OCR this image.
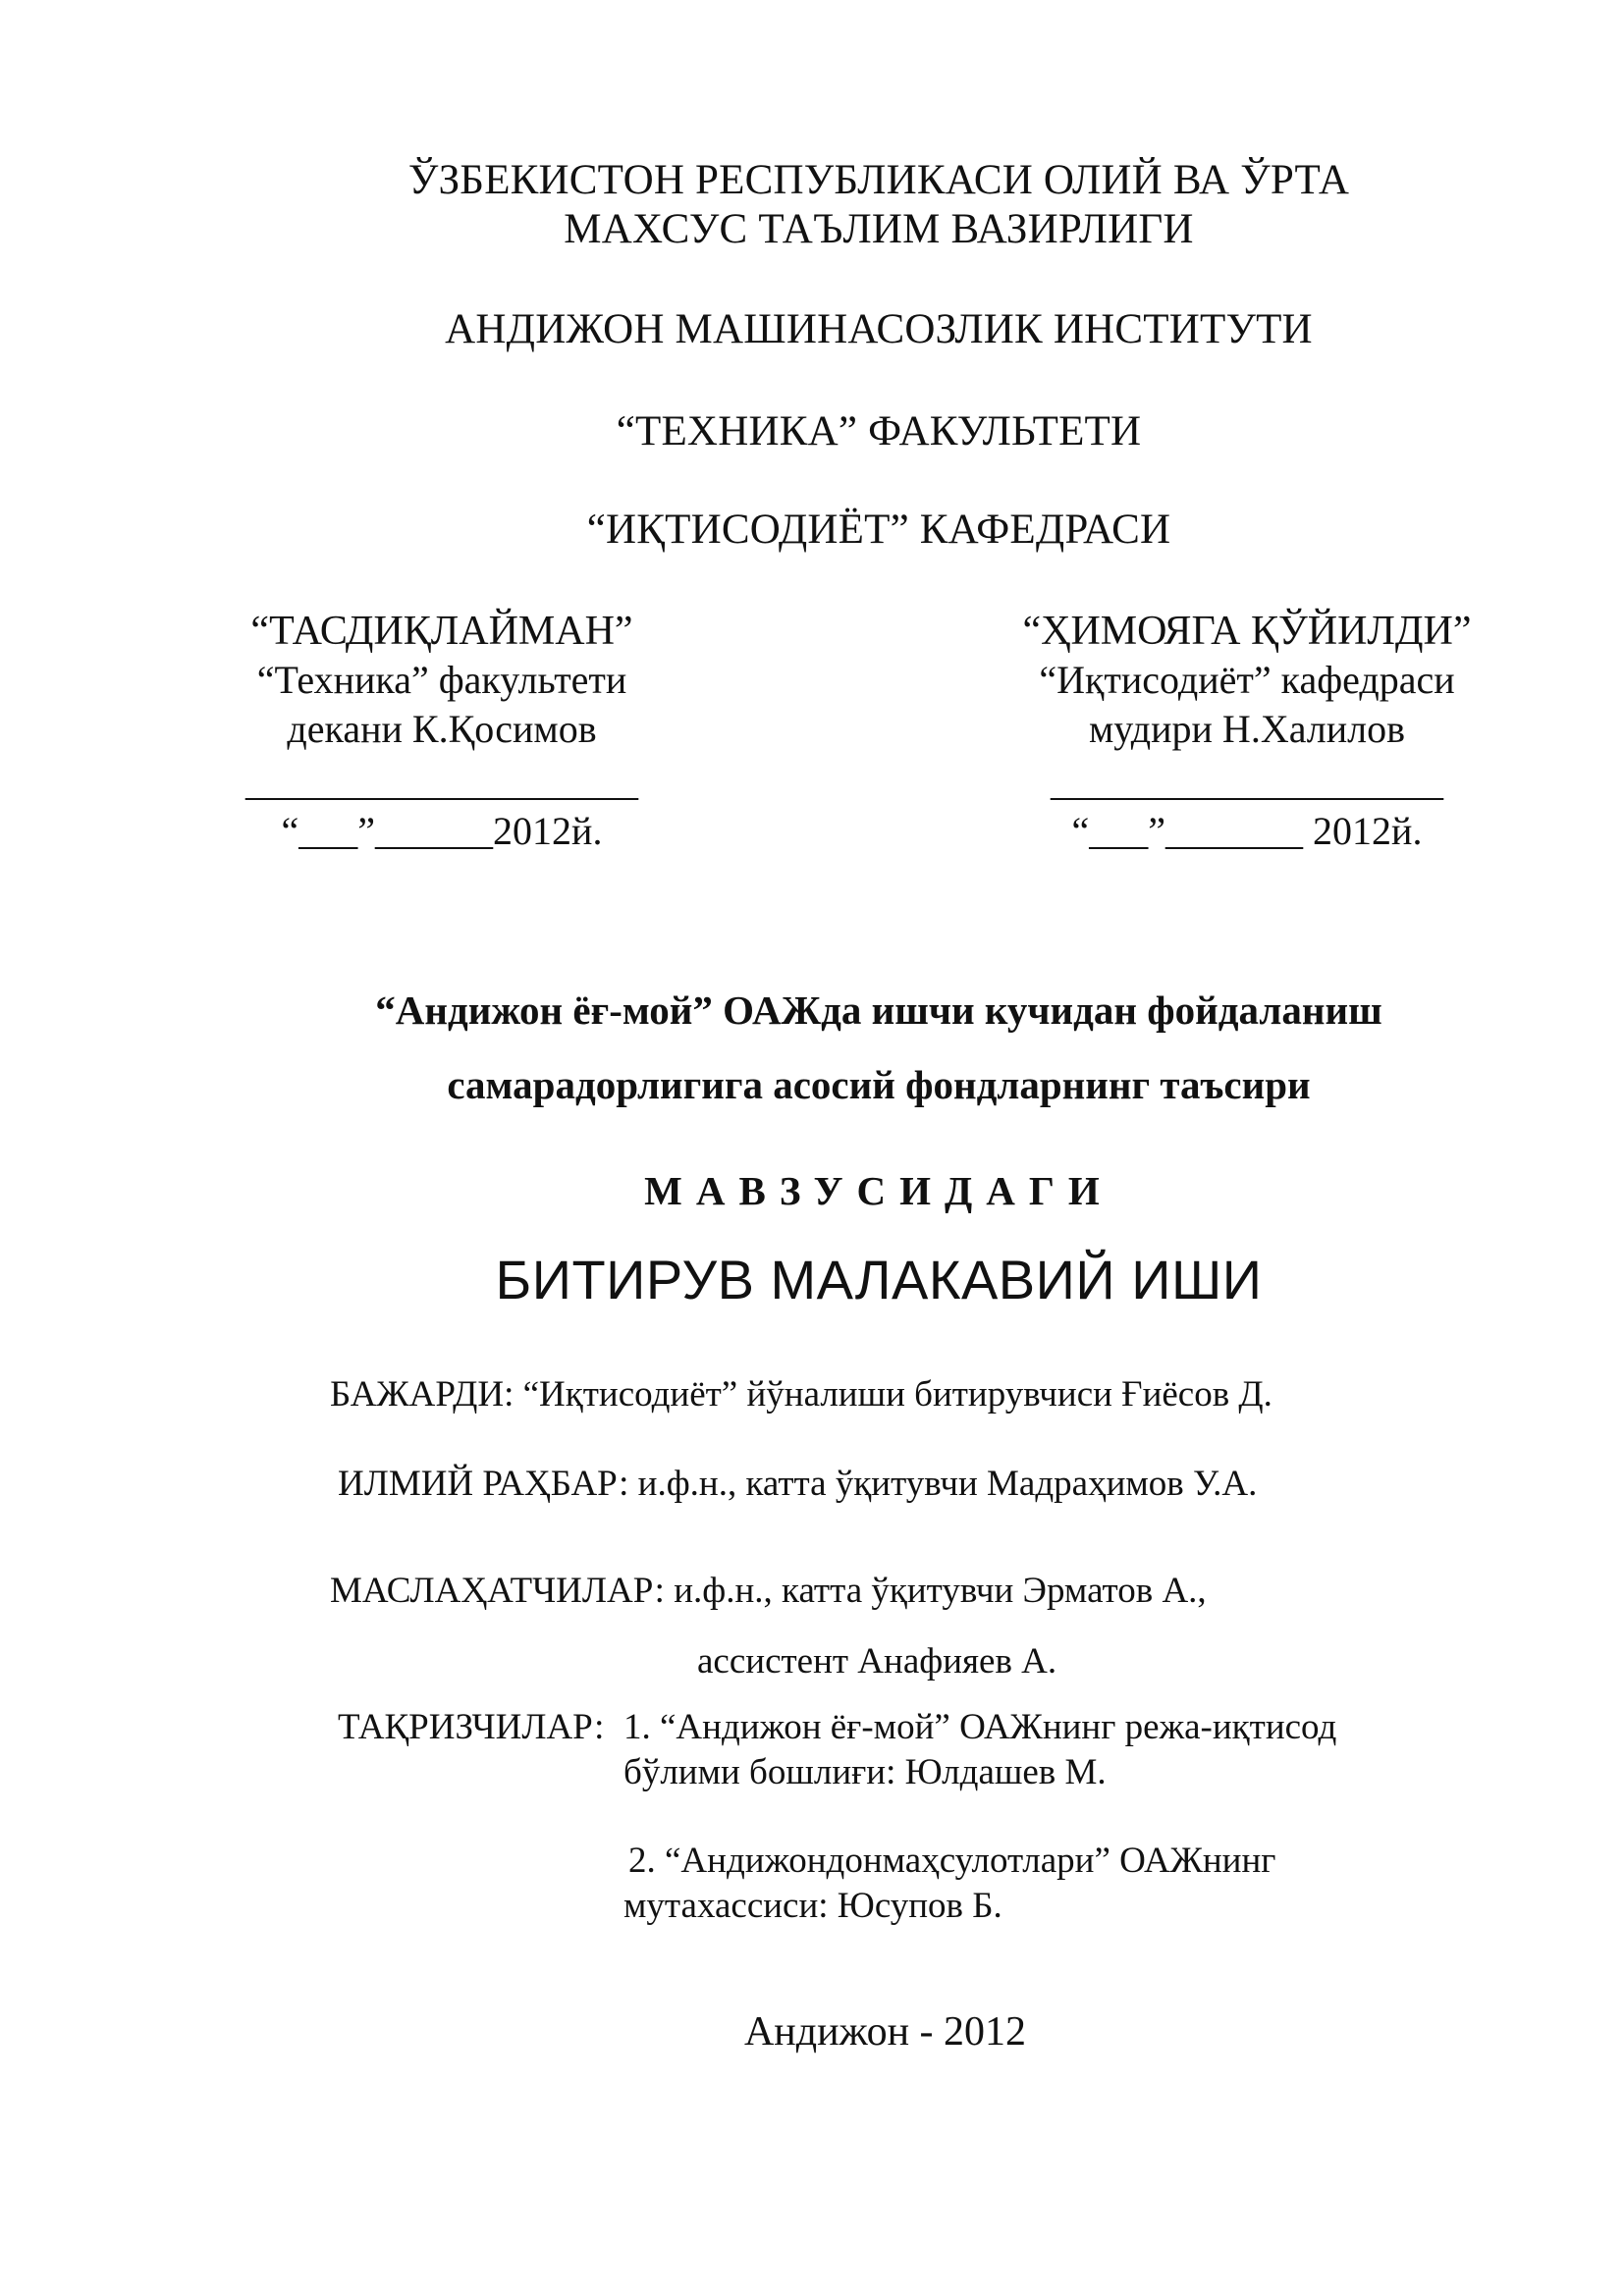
ЎЗБЕКИСТОН РЕСПУБЛИКАСИ ОЛИЙ ВА ЎРТА
МАХСУС ТАЪЛИМ ВАЗИРЛИГИ
АНДИЖОН МАШИНАСОЗЛИК ИНСТИТУТИ
“ТЕХНИКА” ФАКУЛЬТЕТИ
“ИҚТИСОДИЁТ” КАФЕДРАСИ
“ТАСДИҚЛАЙМАН”
“Техника” факультети
декани К.Қосимов
____________________
“___”______2012й.
“ҲИМОЯГА ҚЎЙИЛДИ”
“Иқтисодиёт” кафедраси
мудири Н.Халилов
____________________
“___”_______ 2012й.
“Андижон ёғ-мой” ОАЖда ишчи кучидан фойдаланиш
самарадорлигига асосий фондларнинг таъсири
МАВЗУСИДАГИ
БИТИРУВ МАЛАКАВИЙ ИШИ
БАЖАРДИ: “Иқтисодиёт” йўналиши битирувчиси Ғиёсов Д.
ИЛМИЙ РАҲБАР: и.ф.н., катта ўқитувчи Мадраҳимов У.А.
МАСЛАҲАТЧИЛАР: и.ф.н., катта ўқитувчи Эрматов А.,
ассистент Анафияев А.
ТАҚРИЗЧИЛАР: 1. “Андижон ёғ-мой” ОАЖнинг режа-иқтисод
бўлими бошлиғи: Юлдашев М.
2. “Андижондонмаҳсулотлари” ОАЖнинг
мутахассиси: Юсупов Б.
Андижон - 2012
